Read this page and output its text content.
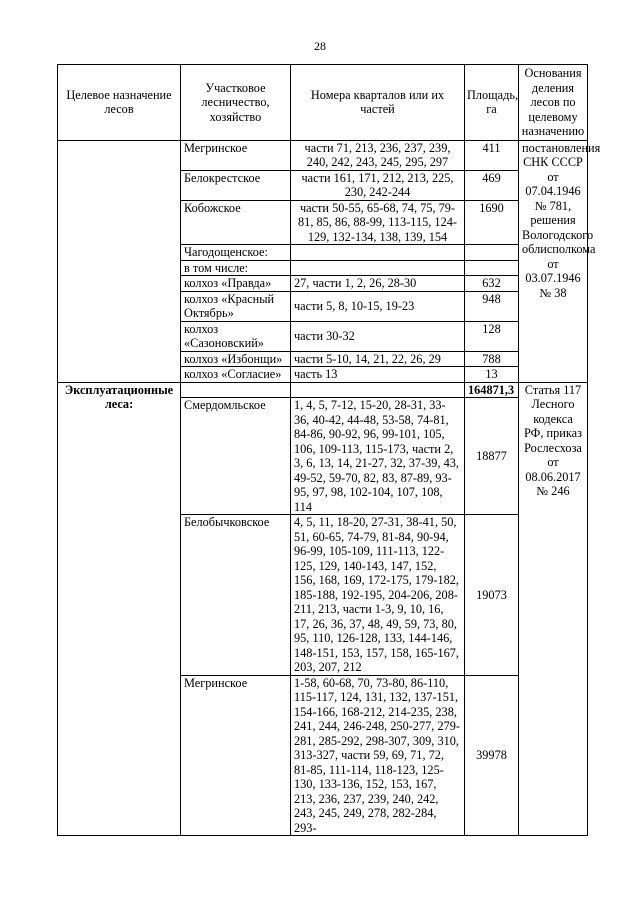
28
Целевое назначение лесов	Участковое лесничество, хозяйство	Номера кварталов или их частей	Площадь, га	Основания деления лесов по целевому назначению
	Мегринское	части 71, 213, 236, 237, 239, 240, 242, 243, 245, 295, 297	411	постановления СНК СССР от 07.04.1946 № 781, решения Вологодского облисполкома от 03.07.1946 № 38
	Белокрестское	части 161, 171, 212, 213, 225, 230, 242-244	469	
	Кобожское	части 50-55, 65-68, 74, 75, 79-81, 85, 86, 88-99, 113-115, 124-129, 132-134, 138, 139, 154	1690	
	Чагодощенское:			
	в том числе:			
	колхоз «Правда»	27, части 1, 2, 26, 28-30	632	
	колхоз «Красный Октябрь»	части 5, 8, 10-15, 19-23	948	
	колхоз «Сазоновский»	части 30-32	128	
	колхоз «Избонщи»	части 5-10, 14, 21, 22, 26, 29	788	
	колхоз «Согласие»	часть 13	13	
Эксплуатационные леса:			164871,3	Статья 117 Лесного кодекса РФ, приказ Рослесхоза от 08.06.2017 № 246
	Смердомльское	1, 4, 5, 7-12, 15-20, 28-31, 33-36, 40-42, 44-48, 53-58, 74-81, 84-86, 90-92, 96, 99-101, 105, 106, 109-113, 115-173, части 2, 3, 6, 13, 14, 21-27, 32, 37-39, 43, 49-52, 59-70, 82, 83, 87-89, 93-95, 97, 98, 102-104, 107, 108, 114	18877	
	Белобычковское	4, 5, 11, 18-20, 27-31, 38-41, 50, 51, 60-65, 74-79, 81-84, 90-94, 96-99, 105-109, 111-113, 122-125, 129, 140-143, 147, 152, 156, 168, 169, 172-175, 179-182, 185-188, 192-195, 204-206, 208-211, 213, части 1-3, 9, 10, 16, 17, 26, 36, 37, 48, 49, 59, 73, 80, 95, 110, 126-128, 133, 144-146, 148-151, 153, 157, 158, 165-167, 203, 207, 212	19073	
	Мегринское	1-58, 60-68, 70, 73-80, 86-110, 115-117, 124, 131, 132, 137-151, 154-166, 168-212, 214-235, 238, 241, 244, 246-248, 250-277, 279-281, 285-292, 298-307, 309, 310, 313-327, части 59, 69, 71, 72, 81-85, 111-114, 118-123, 125-130, 133-136, 152, 153, 167, 213, 236, 237, 239, 240, 242, 243, 245, 249, 278, 282-284, 293-	39978	
